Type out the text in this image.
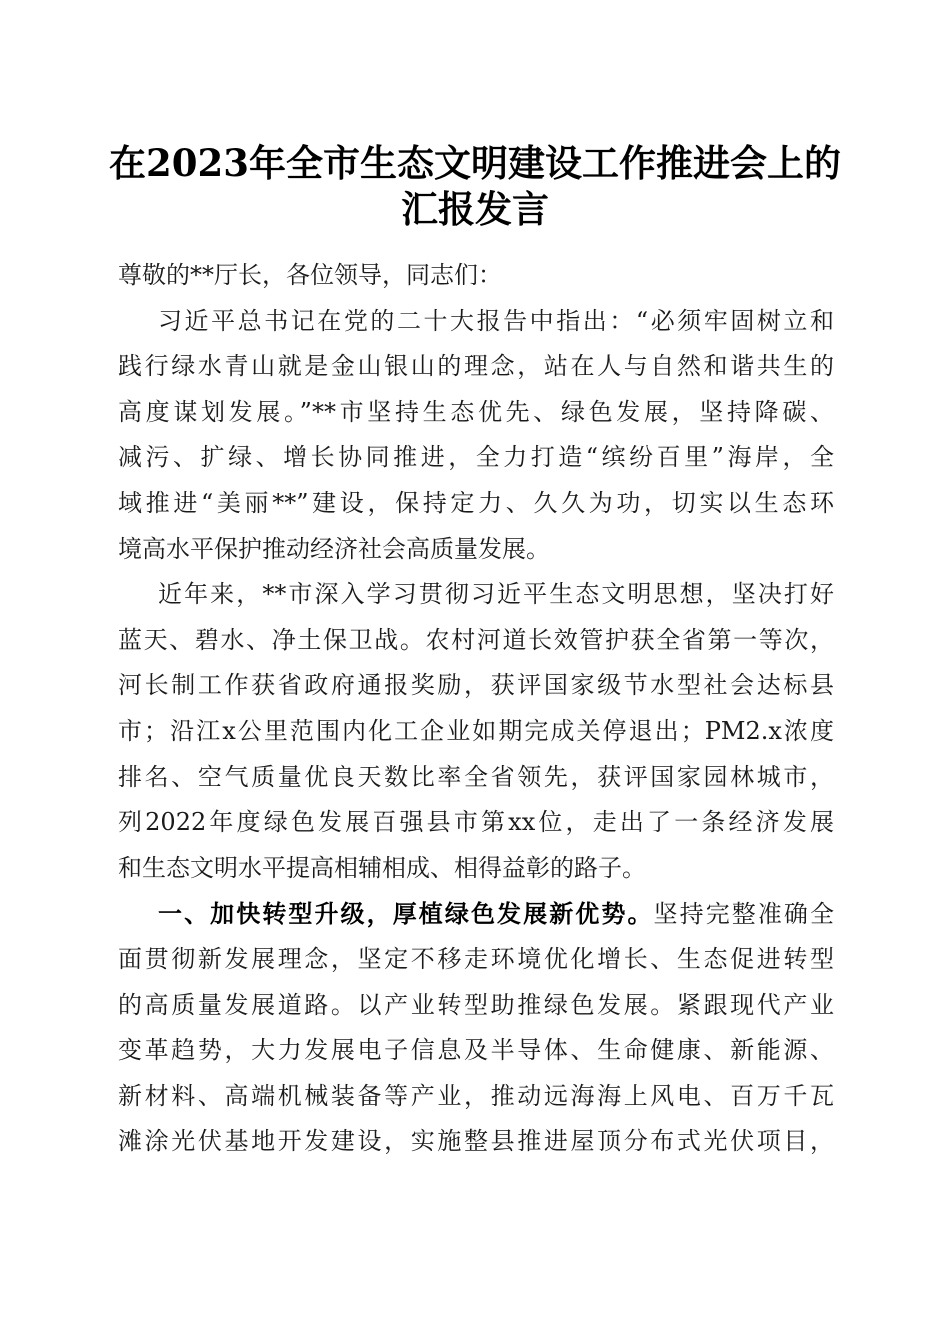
在2023年全市生态文明建设工作推进会上的
汇报发言

尊敬的**厅长，各位领导，同志们：

习近平总书记在党的二十大报告中指出：“必须牢固树立和
践行绿水青山就是金山银山的理念，站在人与自然和谐共生的
高度谋划发展。”**市坚持生态优先、绿色发展，坚持降碳、
减污、扩绿、增长协同推进，全力打造“缤纷百里”海岸，全
域推进“美丽**”建设，保持定力、久久为功，切实以生态环
境高水平保护推动经济社会高质量发展。

近年来，**市深入学习贯彻习近平生态文明思想，坚决打好
蓝天、碧水、净土保卫战。农村河道长效管护获全省第一等次，
河长制工作获省政府通报奖励，获评国家级节水型社会达标县
市；沿江x公里范围内化工企业如期完成关停退出；PM2.x浓度
排名、空气质量优良天数比率全省领先，获评国家园林城市，
列2022年度绿色发展百强县市第xx位，走出了一条经济发展
和生态文明水平提高相辅相成、相得益彰的路子。

一、加快转型升级，厚植绿色发展新优势。坚持完整准确全
面贯彻新发展理念，坚定不移走环境优化增长、生态促进转型
的高质量发展道路。以产业转型助推绿色发展。紧跟现代产业
变革趋势，大力发展电子信息及半导体、生命健康、新能源、
新材料、高端机械装备等产业，推动远海海上风电、百万千瓦
滩涂光伏基地开发建设，实施整县推进屋顶分布式光伏项目，
